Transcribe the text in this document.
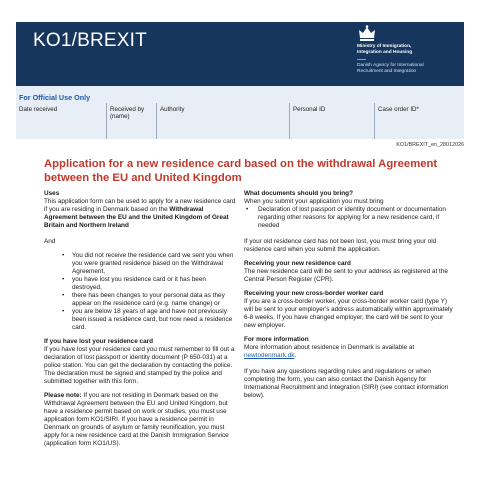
KO1/BREXIT	Ministry of Immigration,
Integration and Housing
Danish Agency for International
Recruitment and Integration
For Official Use Only
Date received	Received by (name)
Authority	Personal ID	Case order ID*
KO1/BREXIT_en_28012026
Application for a new residence card based on the withdrawal Agreement between the EU and United Kingdom

Uses

This application form can be used to apply for a new residence card if you are residing in Denmark based on the Withdrawal Agreement between the EU and the United Kingdom of Great Britain and Northern Ireland

And

• You did not receive the residence card we sent you when you were granted residence based on the Withdrawal Agreement,
• you have lost you residence card or it has been destroyed,
• there has been changes to your personal data as they appear on the residence card (e.g. name change) or
• you are below 18 years of age and have not previously been issued a residence card, but now need a residence card.

If you have lost your residence card

If you have lost your residence card you must remember to fill out a declaration of lost passport or identity document (P 650-031) at a police station. You can get the declaration by contacting the police. The declaration must be signed and stamped by the police and submitted together with this form.

Please note: If you are not residing in Denmark based on the Withdrawal Agreement between the EU and United Kingdom, but have a residence permit based on work or studies, you must use application form KO1/SIRI. If you have a residence permit in Denmark on grounds of asylum or family reunification, you must apply for a new residence card at the Danish Immigration Service (application form KO1/US).

What documents should you bring?

When you submit your application you must bring

• Declaration of lost passport or identity document or documentation regarding other reasons for applying for a new residence card, if needed

If your old residence card has not been lost, you must bring your old residence card when you submit the application.

Receiving your new residence card

The new residence card will be sent to your address as registered at the Central Person Register (CPR).

Receiving your new cross-border worker card

If you are a cross-border worker, your cross-border worker card (type Y) will be sent to your employer's address automatically within approximately 6-8 weeks. If you have changed employer, the card will be sent to your new employer.

For more information

More information about residence in Denmark is available at newtodenmark.dk.

If you have any questions regarding rules and regulations or when completing the form, you can also contact the Danish Agency for International Recruitment and Integration (SIRI) (see contact information below).
